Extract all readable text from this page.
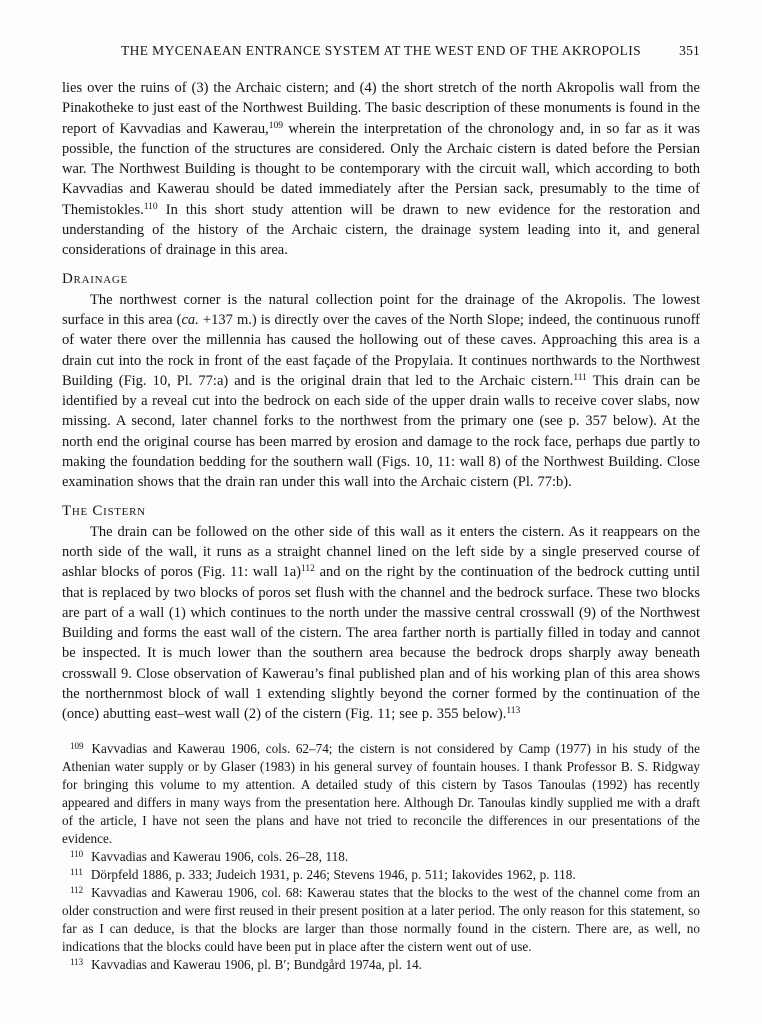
THE MYCENAEAN ENTRANCE SYSTEM AT THE WEST END OF THE AKROPOLIS	351

lies over the ruins of (3) the Archaic cistern; and (4) the short stretch of the north Akropolis wall from the Pinakotheke to just east of the Northwest Building. The basic description of these monuments is found in the report of Kavvadias and Kawerau,$^{109}$ wherein the interpretation of the chronology and, in so far as it was possible, the function of the structures are considered. Only the Archaic cistern is dated before the Persian war. The Northwest Building is thought to be contemporary with the circuit wall, which according to both Kavvadias and Kawerau should be dated immediately after the Persian sack, presumably to the time of Themistokles.$^{110}$ In this short study attention will be drawn to new evidence for the restoration and understanding of the history of the Archaic cistern, the drainage system leading into it, and general considerations of drainage in this area.

Drainage

The northwest corner is the natural collection point for the drainage of the Akropolis. The lowest surface in this area (ca. +137 m.) is directly over the caves of the North Slope; indeed, the continuous runoff of water there over the millennia has caused the hollowing out of these caves. Approaching this area is a drain cut into the rock in front of the east façade of the Propylaia. It continues northwards to the Northwest Building (Fig. 10, Pl. 77:a) and is the original drain that led to the Archaic cistern.$^{111}$ This drain can be identified by a reveal cut into the bedrock on each side of the upper drain walls to receive cover slabs, now missing. A second, later channel forks to the northwest from the primary one (see p. 357 below). At the north end the original course has been marred by erosion and damage to the rock face, perhaps due partly to making the foundation bedding for the southern wall (Figs. 10, 11: wall 8) of the Northwest Building. Close examination shows that the drain ran under this wall into the Archaic cistern (Pl. 77:b).

The Cistern

The drain can be followed on the other side of this wall as it enters the cistern. As it reappears on the north side of the wall, it runs as a straight channel lined on the left side by a single preserved course of ashlar blocks of poros (Fig. 11: wall 1a)$^{112}$ and on the right by the continuation of the bedrock cutting until that is replaced by two blocks of poros set flush with the channel and the bedrock surface. These two blocks are part of a wall (1) which continues to the north under the massive central crosswall (9) of the Northwest Building and forms the east wall of the cistern. The area farther north is partially filled in today and cannot be inspected. It is much lower than the southern area because the bedrock drops sharply away beneath crosswall 9. Close observation of Kawerau’s final published plan and of his working plan of this area shows the northernmost block of wall 1 extending slightly beyond the corner formed by the continuation of the (once) abutting east–west wall (2) of the cistern (Fig. 11; see p. 355 below).$^{113}$

$^{109}$ Kavvadias and Kawerau 1906, cols. 62–74; the cistern is not considered by Camp (1977) in his study of the Athenian water supply or by Glaser (1983) in his general survey of fountain houses. I thank Professor B. S. Ridgway for bringing this volume to my attention. A detailed study of this cistern by Tasos Tanoulas (1992) has recently appeared and differs in many ways from the presentation here. Although Dr. Tanoulas kindly supplied me with a draft of the article, I have not seen the plans and have not tried to reconcile the differences in our presentations of the evidence.

$^{110}$ Kavvadias and Kawerau 1906, cols. 26–28, 118.

$^{111}$ Dörpfeld 1886, p. 333; Judeich 1931, p. 246; Stevens 1946, p. 511; Iakovides 1962, p. 118.

$^{112}$ Kavvadias and Kawerau 1906, col. 68: Kawerau states that the blocks to the west of the channel come from an older construction and were first reused in their present position at a later period. The only reason for this statement, so far as I can deduce, is that the blocks are larger than those normally found in the cistern. There are, as well, no indications that the blocks could have been put in place after the cistern went out of use.

$^{113}$ Kavvadias and Kawerau 1906, pl. B′; Bundgård 1974a, pl. 14.
